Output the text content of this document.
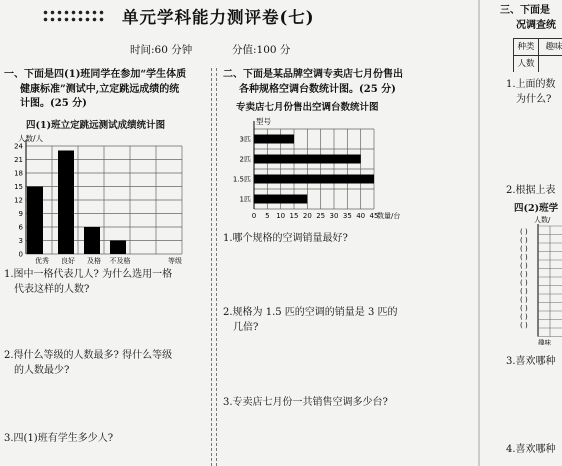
单元学科能力测评卷(七)
时间:60 分钟	分值:100 分
一、下面是四(1)班同学在参加“学生体质
健康标准”测试中,立定跳远成绩的统
计图。(25 分)
四(1)班立定跳远测试成绩统计图
0
3
6
9
12
15
18
21
24
人数/人
优秀 良好 及格 不及格	等级
1.图中一格代表几人? 为什么选用一格
代表这样的人数?
2.得什么等级的人数最多? 得什么等级
的人数最少?
3.四(1)班有学生多少人?
二、下面是某品牌空调专卖店七月份售出
各种规格空调台数统计图。(25 分)
专卖店七月份售出空调台数统计图
0 5 10 15 20 25 30 35 40 45
型号
数量/台
3匹
2匹
1.5匹
1匹
1.哪个规格的空调销量最好?
2.规格为 1.5 匹的空调的销量是 3 匹的
几倍?
3.专卖店七月份一共销售空调多少台?
三、下面是
况调查统
种类	趣味
人数
1.上面的数
为什么?
2.根据上表
四(2)班学
人数/
( )
( )
( )
( )
( )
( )
( )
( )
( )
( )
( )
( )
趣味
3.喜欢哪种
4.喜欢哪种
